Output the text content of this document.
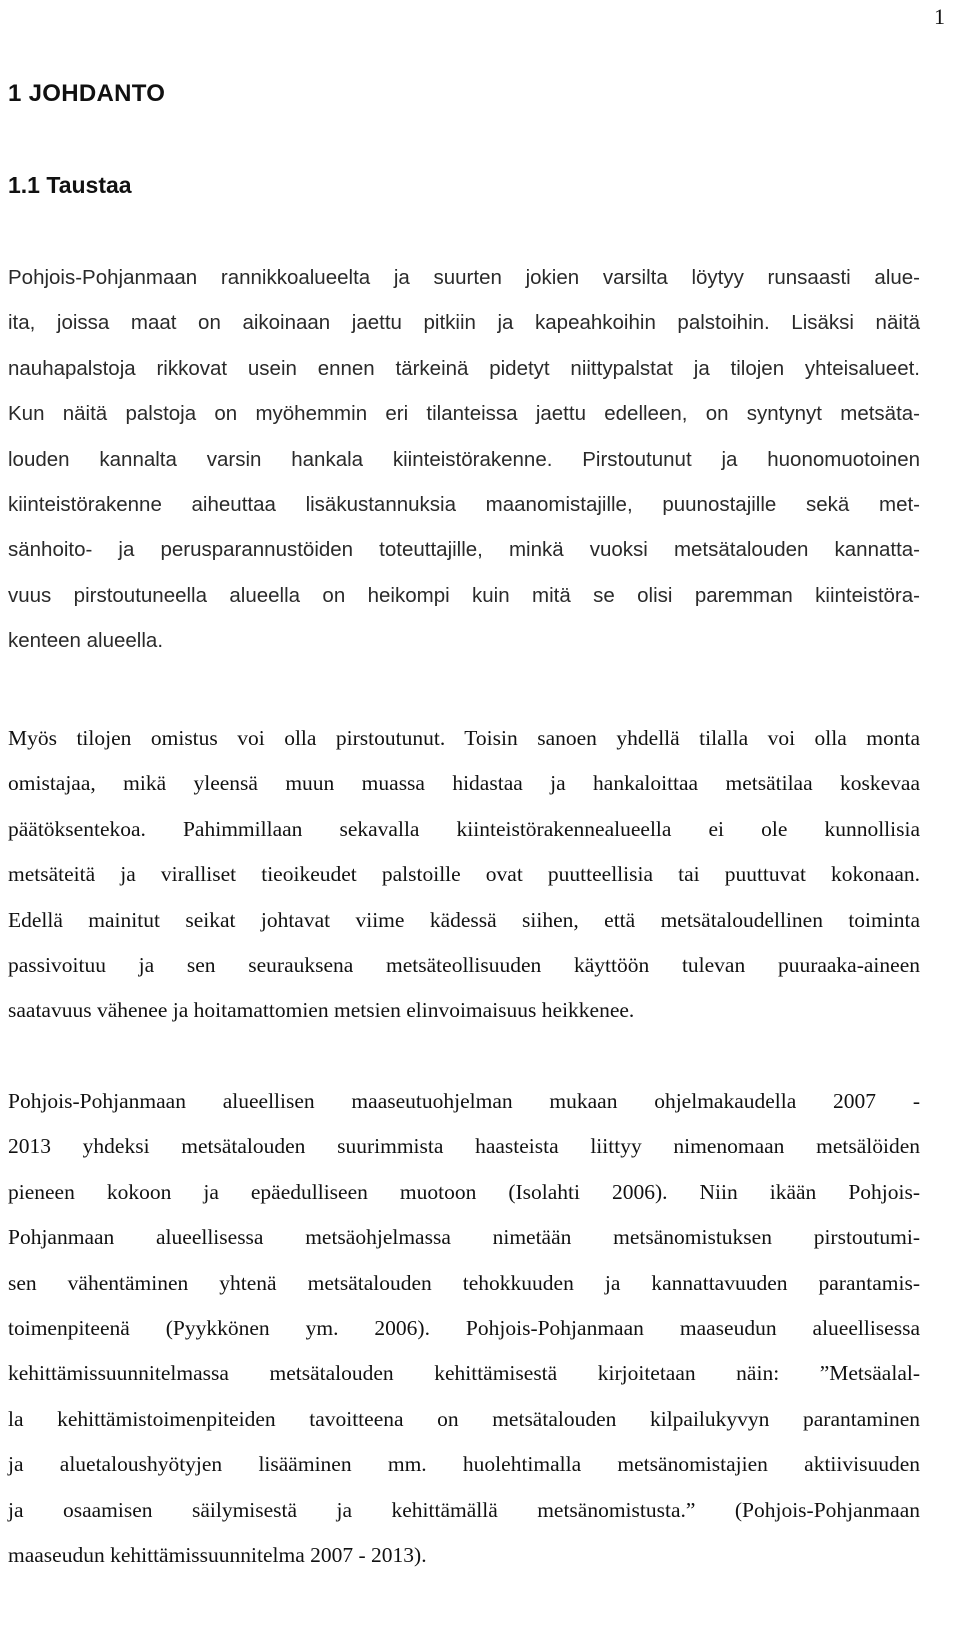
1
1 JOHDANTO
1.1 Taustaa
Pohjois-Pohjanmaan rannikkoalueelta ja suurten jokien varsilta löytyy runsaasti alue-
ita, joissa maat on aikoinaan jaettu pitkiin ja kapeahkoihin palstoihin. Lisäksi näitä
nauhapalstoja rikkovat usein ennen tärkeinä pidetyt niittypalstat ja tilojen yhteisalueet.
Kun näitä palstoja on myöhemmin eri tilanteissa jaettu edelleen, on syntynyt metsäta-
louden kannalta varsin hankala kiinteistörakenne. Pirstoutunut ja huonomuotoinen
kiinteistörakenne aiheuttaa lisäkustannuksia maanomistajille, puunostajille sekä met-
sänhoito- ja perusparannustöiden toteuttajille, minkä vuoksi metsätalouden kannatta-
vuus pirstoutuneella alueella on heikompi kuin mitä se olisi paremman kiinteistöra-
kenteen alueella.
Myös tilojen omistus voi olla pirstoutunut. Toisin sanoen yhdellä tilalla voi olla monta
omistajaa, mikä yleensä muun muassa hidastaa ja hankaloittaa metsätilaa koskevaa
päätöksentekoa. Pahimmillaan sekavalla kiinteistörakennealueella ei ole kunnollisia
metsäteitä ja viralliset tieoikeudet palstoille ovat puutteellisia tai puuttuvat kokonaan.
Edellä mainitut seikat johtavat viime kädessä siihen, että metsätaloudellinen toiminta
passivoituu ja sen seurauksena metsäteollisuuden käyttöön tulevan puuraaka-aineen
saatavuus vähenee ja hoitamattomien metsien elinvoimaisuus heikkenee.
Pohjois-Pohjanmaan alueellisen maaseutuohjelman mukaan ohjelmakaudella 2007 -
2013 yhdeksi metsätalouden suurimmista haasteista liittyy nimenomaan metsälöiden
pieneen kokoon ja epäedulliseen muotoon (Isolahti 2006). Niin ikään Pohjois-
Pohjanmaan alueellisessa metsäohjelmassa nimetään metsänomistuksen pirstoutumi-
sen vähentäminen yhtenä metsätalouden tehokkuuden ja kannattavuuden parantamis-
toimenpiteenä (Pyykkönen ym. 2006). Pohjois-Pohjanmaan maaseudun alueellisessa
kehittämissuunnitelmassa metsätalouden kehittämisestä kirjoitetaan näin: ”Metsäalal-
la kehittämistoimenpiteiden tavoitteena on metsätalouden kilpailukyvyn parantaminen
ja aluetaloushyötyjen lisääminen mm. huolehtimalla metsänomistajien aktiivisuuden
ja osaamisen säilymisestä ja kehittämällä metsänomistusta.” (Pohjois-Pohjanmaan
maaseudun kehittämissuunnitelma 2007 - 2013).
